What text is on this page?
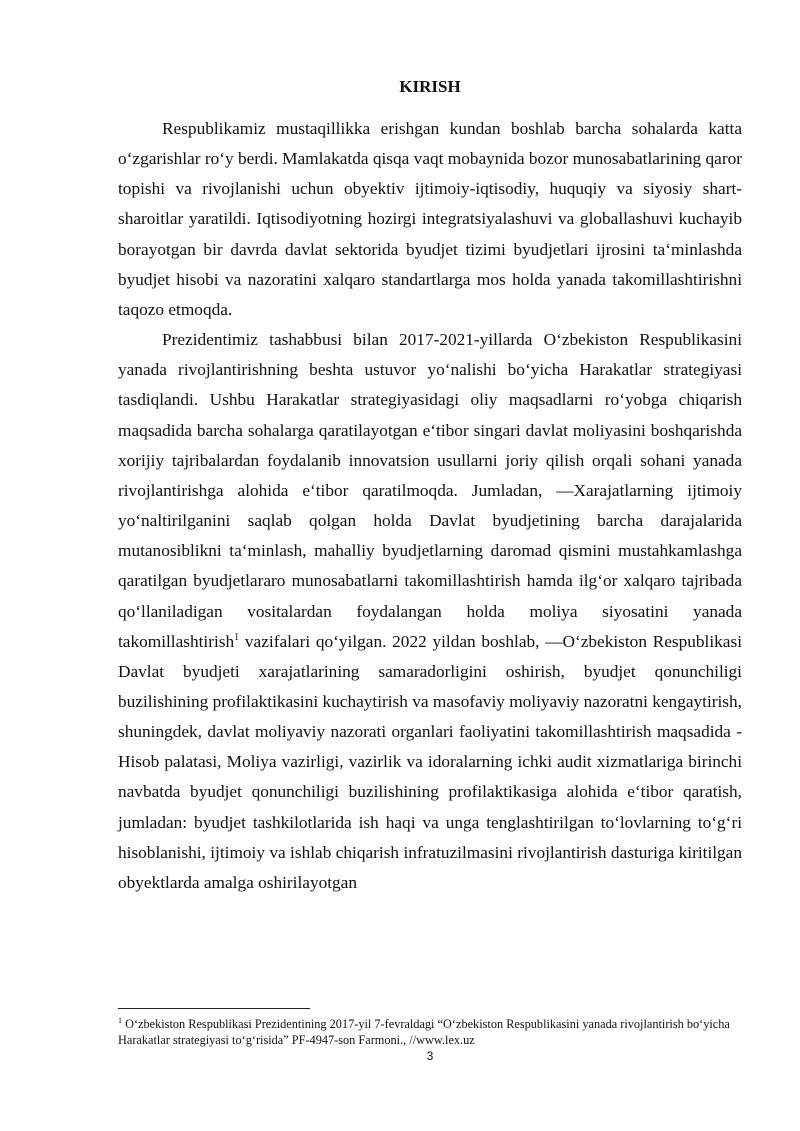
KIRISH

Respublikamiz mustaqillikka erishgan kundan boshlab barcha sohalarda katta o‘zgarishlar ro‘y berdi. Mamlakatda qisqa vaqt mobaynida bozor munosabatlarining qaror topishi va rivojlanishi uchun obyektiv ijtimoiy-iqtisodiy, huquqiy va siyosiy shart-sharoitlar yaratildi. Iqtisodiyotning hozirgi integratsiyalashuvi va globallashuvi kuchayib borayotgan bir davrda davlat sektorida byudjet tizimi byudjetlari ijrosini ta‘minlashda byudjet hisobi va nazoratini xalqaro standartlarga mos holda yanada takomillashtirishni taqozo etmoqda.

Prezidentimiz tashabbusi bilan 2017-2021-yillarda O‘zbekiston Respublikasini yanada rivojlantirishning beshta ustuvor yo‘nalishi bo‘yicha Harakatlar strategiyasi tasdiqlandi. Ushbu Harakatlar strategiyasidagi oliy maqsadlarni ro‘yobga chiqarish maqsadida barcha sohalarga qaratilayotgan e‘tibor singari davlat moliyasini boshqarishda xorijiy tajribalardan foydalanib innovatsion usullarni joriy qilish orqali sohani yanada rivojlantirishga alohida e‘tibor qaratilmoqda. Jumladan, ―Xarajatlarning ijtimoiy yo‘naltirilganini saqlab qolgan holda Davlat byudjetining barcha darajalarida mutanosiblikni ta‘minlash, mahalliy byudjetlarning daromad qismini mustahkamlashga qaratilgan byudjetlararo munosabatlarni takomillashtirish hamda ilg‘or xalqaro tajribada qo‘llaniladigan vositalardan foydalangan holda moliya siyosatini yanada takomillashtirish$^1$ vazifalari qo‘yilgan. 2022 yildan boshlab, ―O‘zbekiston Respublikasi Davlat byudjeti xarajatlarining samaradorligini oshirish, byudjet qonunchiligi buzilishining profilaktikasini kuchaytirish va masofaviy moliyaviy nazoratni kengaytirish, shuningdek, davlat moliyaviy nazorati organlari faoliyatini takomillashtirish maqsadida - Hisob palatasi, Moliya vazirligi, vazirlik va idoralarning ichki audit xizmatlariga birinchi navbatda byudjet qonunchiligi buzilishining profilaktikasiga alohida e‘tibor qaratish, jumladan: byudjet tashkilotlarida ish haqi va unga tenglashtirilgan to‘lovlarning to‘g‘ri hisoblanishi, ijtimoiy va ishlab chiqarish infratuzilmasini rivojlantirish dasturiga kiritilgan obyektlarda amalga oshirilayotgan

$^1$ O‘zbekiston Respublikasi Prezidentining 2017-yil 7-fevraldagi “O‘zbekiston Respublikasini yanada rivojlantirish bo‘yicha Harakatlar strategiyasi to‘g‘risida” PF-4947-son Farmoni., //www.lex.uz
3
